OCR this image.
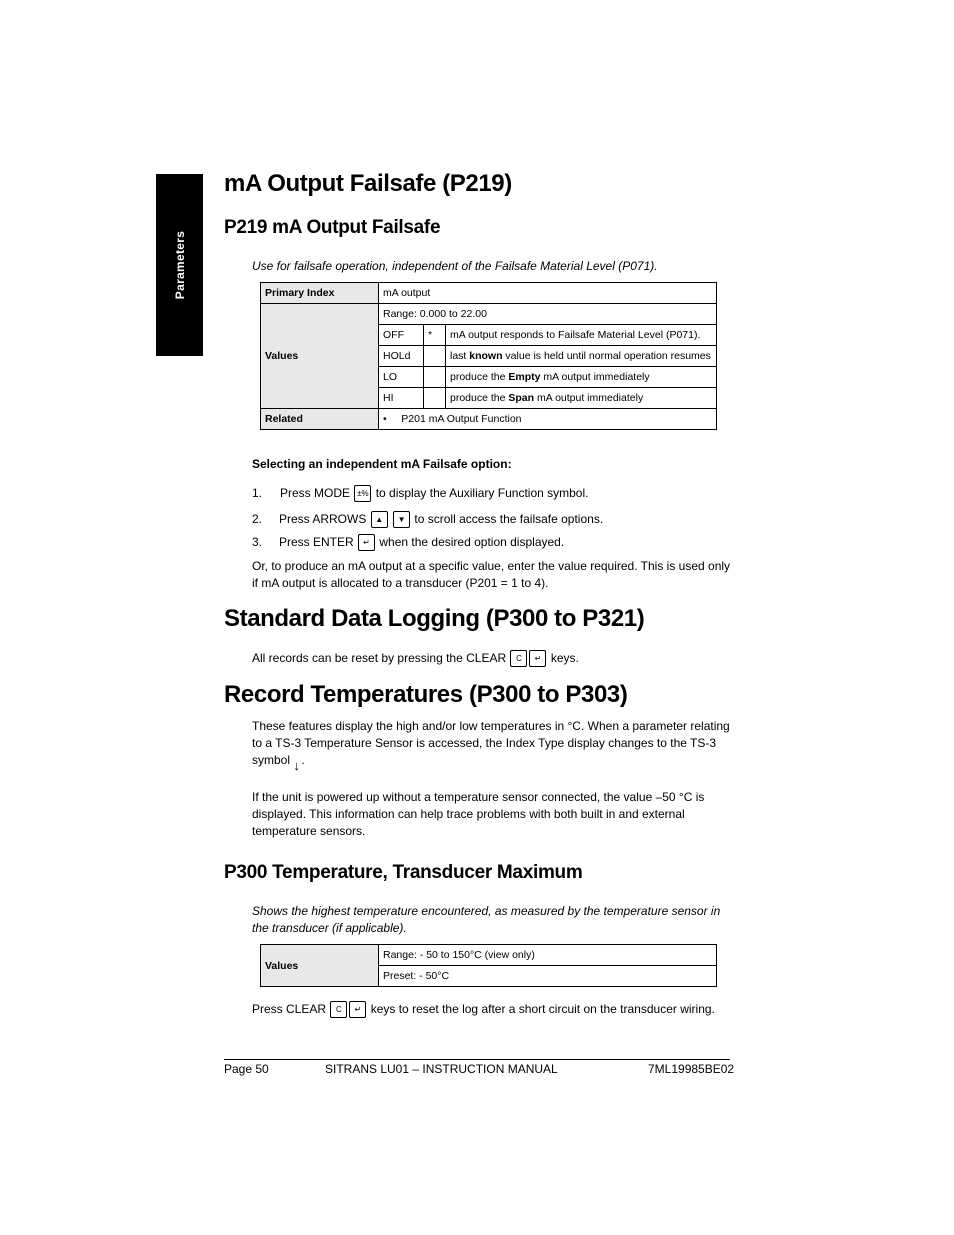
Parameters
mA Output Failsafe (P219)
P219 mA Output Failsafe
Use for failsafe operation, independent of the Failsafe Material Level (P071).
Primary Index	mA output		
Values	Range: 0.000 to 22.00		
	OFF	*	mA output responds to Failsafe Material Level (P071).
	HOLd		last known value is held until normal operation resumes
	LO		produce the Empty mA output immediately
	HI		produce the Span mA output immediately
Related	•     P201 mA Output Function		
Selecting an independent mA Failsafe option:
1. Press MODE ±% to display the Auxiliary Function symbol.
2. Press ARROWS ▲ ▼ to scroll access the failsafe options.
3. Press ENTER ↵ when the desired option displayed.
Or, to produce an mA output at a specific value, enter the value required. This is used only if mA output is allocated to a transducer (P201 = 1 to 4).
Standard Data Logging (P300 to P321)
All records can be reset by pressing the CLEAR C ↵ keys.
Record Temperatures (P300 to P303)
These features display the high and/or low temperatures in °C. When a parameter relating to a TS-3 Temperature Sensor is accessed, the Index Type display changes to the TS-3 symbol ↓ .
If the unit is powered up without a temperature sensor connected, the value –50 °C is displayed. This information can help trace problems with both built in and external temperature sensors.
P300 Temperature, Transducer Maximum
Shows the highest temperature encountered, as measured by the temperature sensor in the transducer (if applicable).
Values	Range: - 50 to 150°C (view only)
Preset: - 50°C
Press CLEAR C ↵ keys to reset the log after a short circuit on the transducer wiring.
Page 50	SITRANS LU01 – INSTRUCTION MANUAL	7ML19985BE02
